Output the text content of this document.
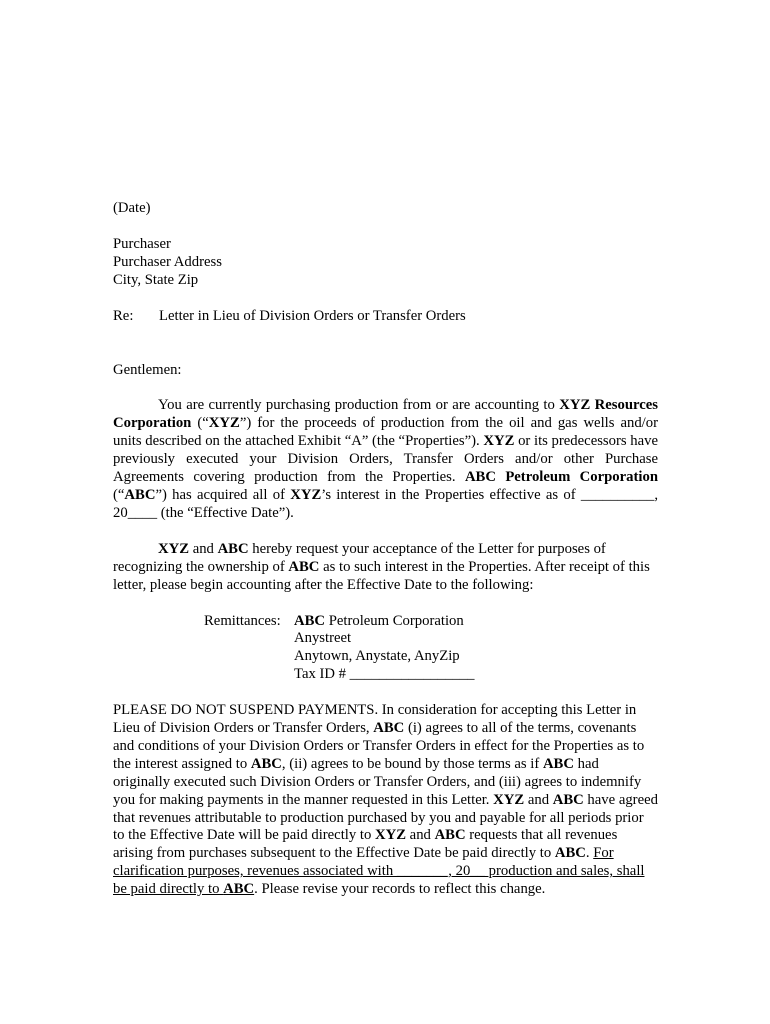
(Date)

Purchaser

Purchaser Address

City, State Zip

Re:	Letter in Lieu of Division Orders or Transfer Orders

Gentlemen:

You are currently purchasing production from or are accounting to XYZ Resources Corporation (“XYZ”) for the proceeds of production from the oil and gas wells and/or units described on the attached Exhibit “A” (the “Properties”). XYZ or its predecessors have previously executed your Division Orders, Transfer Orders and/or other Purchase Agreements covering production from the Properties. ABC Petroleum Corporation (“ABC”) has acquired all of XYZ’s interest in the Properties effective as of __________, 20____ (the “Effective Date”).

XYZ and ABC hereby request your acceptance of the Letter for purposes of recognizing the ownership of ABC as to such interest in the Properties. After receipt of this letter, please begin accounting after the Effective Date to the following:

Remittances: ABC Petroleum Corporation

Anystreet

Anytown, Anystate, AnyZip

Tax ID # _________________

PLEASE DO NOT SUSPEND PAYMENTS. In consideration for accepting this Letter in Lieu of Division Orders or Transfer Orders, ABC (i) agrees to all of the terms, covenants and conditions of your Division Orders or Transfer Orders in effect for the Properties as to the interest assigned to ABC, (ii) agrees to be bound by those terms as if ABC had originally executed such Division Orders or Transfer Orders, and (iii) agrees to indemnify you for making payments in the manner requested in this Letter. XYZ and ABC have agreed that revenues attributable to production purchased by you and payable for all periods prior to the Effective Date will be paid directly to XYZ and ABC requests that all revenues arising from purchases subsequent to the Effective Date be paid directly to ABC. For clarification purposes, revenues associated with _______, 20__ production and sales, shall be paid directly to ABC. Please revise your records to reflect this change.
